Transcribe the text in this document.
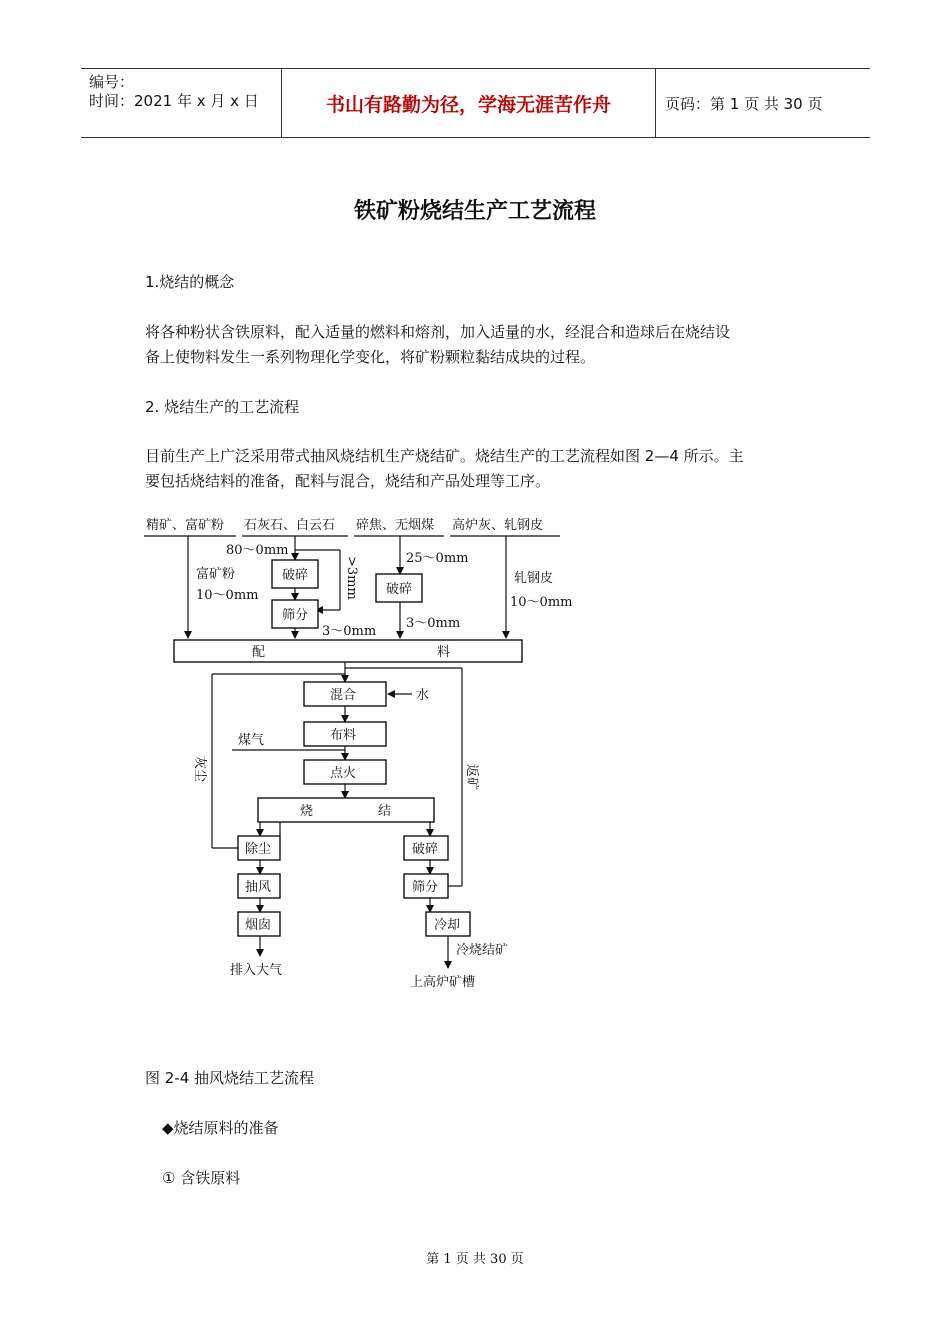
编号：
时间：2021 年 x 月 x 日	书山有路勤为径，学海无涯苦作舟	页码：第 1 页 共 30 页
铁矿粉烧结生产工艺流程
1.烧结的概念
将各种粉状含铁原料，配入适量的燃料和熔剂，加入适量的水，经混合和造球后在烧结设
备上使物料发生一系列物理化学变化，将矿粉颗粒黏结成块的过程。
2. 烧结生产的工艺流程
目前生产上广泛采用带式抽风烧结机生产烧结矿。烧结生产的工艺流程如图 2—4 所示。主
要包括烧结料的准备，配料与混合，烧结和产品处理等工序。
精矿、富矿粉 石灰石、白云石 碎焦、无烟煤 高炉灰、轧钢皮
富矿粉
10～0mm
80～0mm
>3mm
破碎
筛分
3～0mm
25～0mm
破碎
3～0mm
轧钢皮
10～0mm
配	料
混合	水
布料
煤气
点火
烧	结
除尘
灰尘
抽风
烟囱
排入大气
破碎
筛分
返矿
冷却
冷烧结矿
上高炉矿槽
图 2-4 抽风烧结工艺流程
◆烧结原料的准备
① 含铁原料
第 1 页 共 30 页
